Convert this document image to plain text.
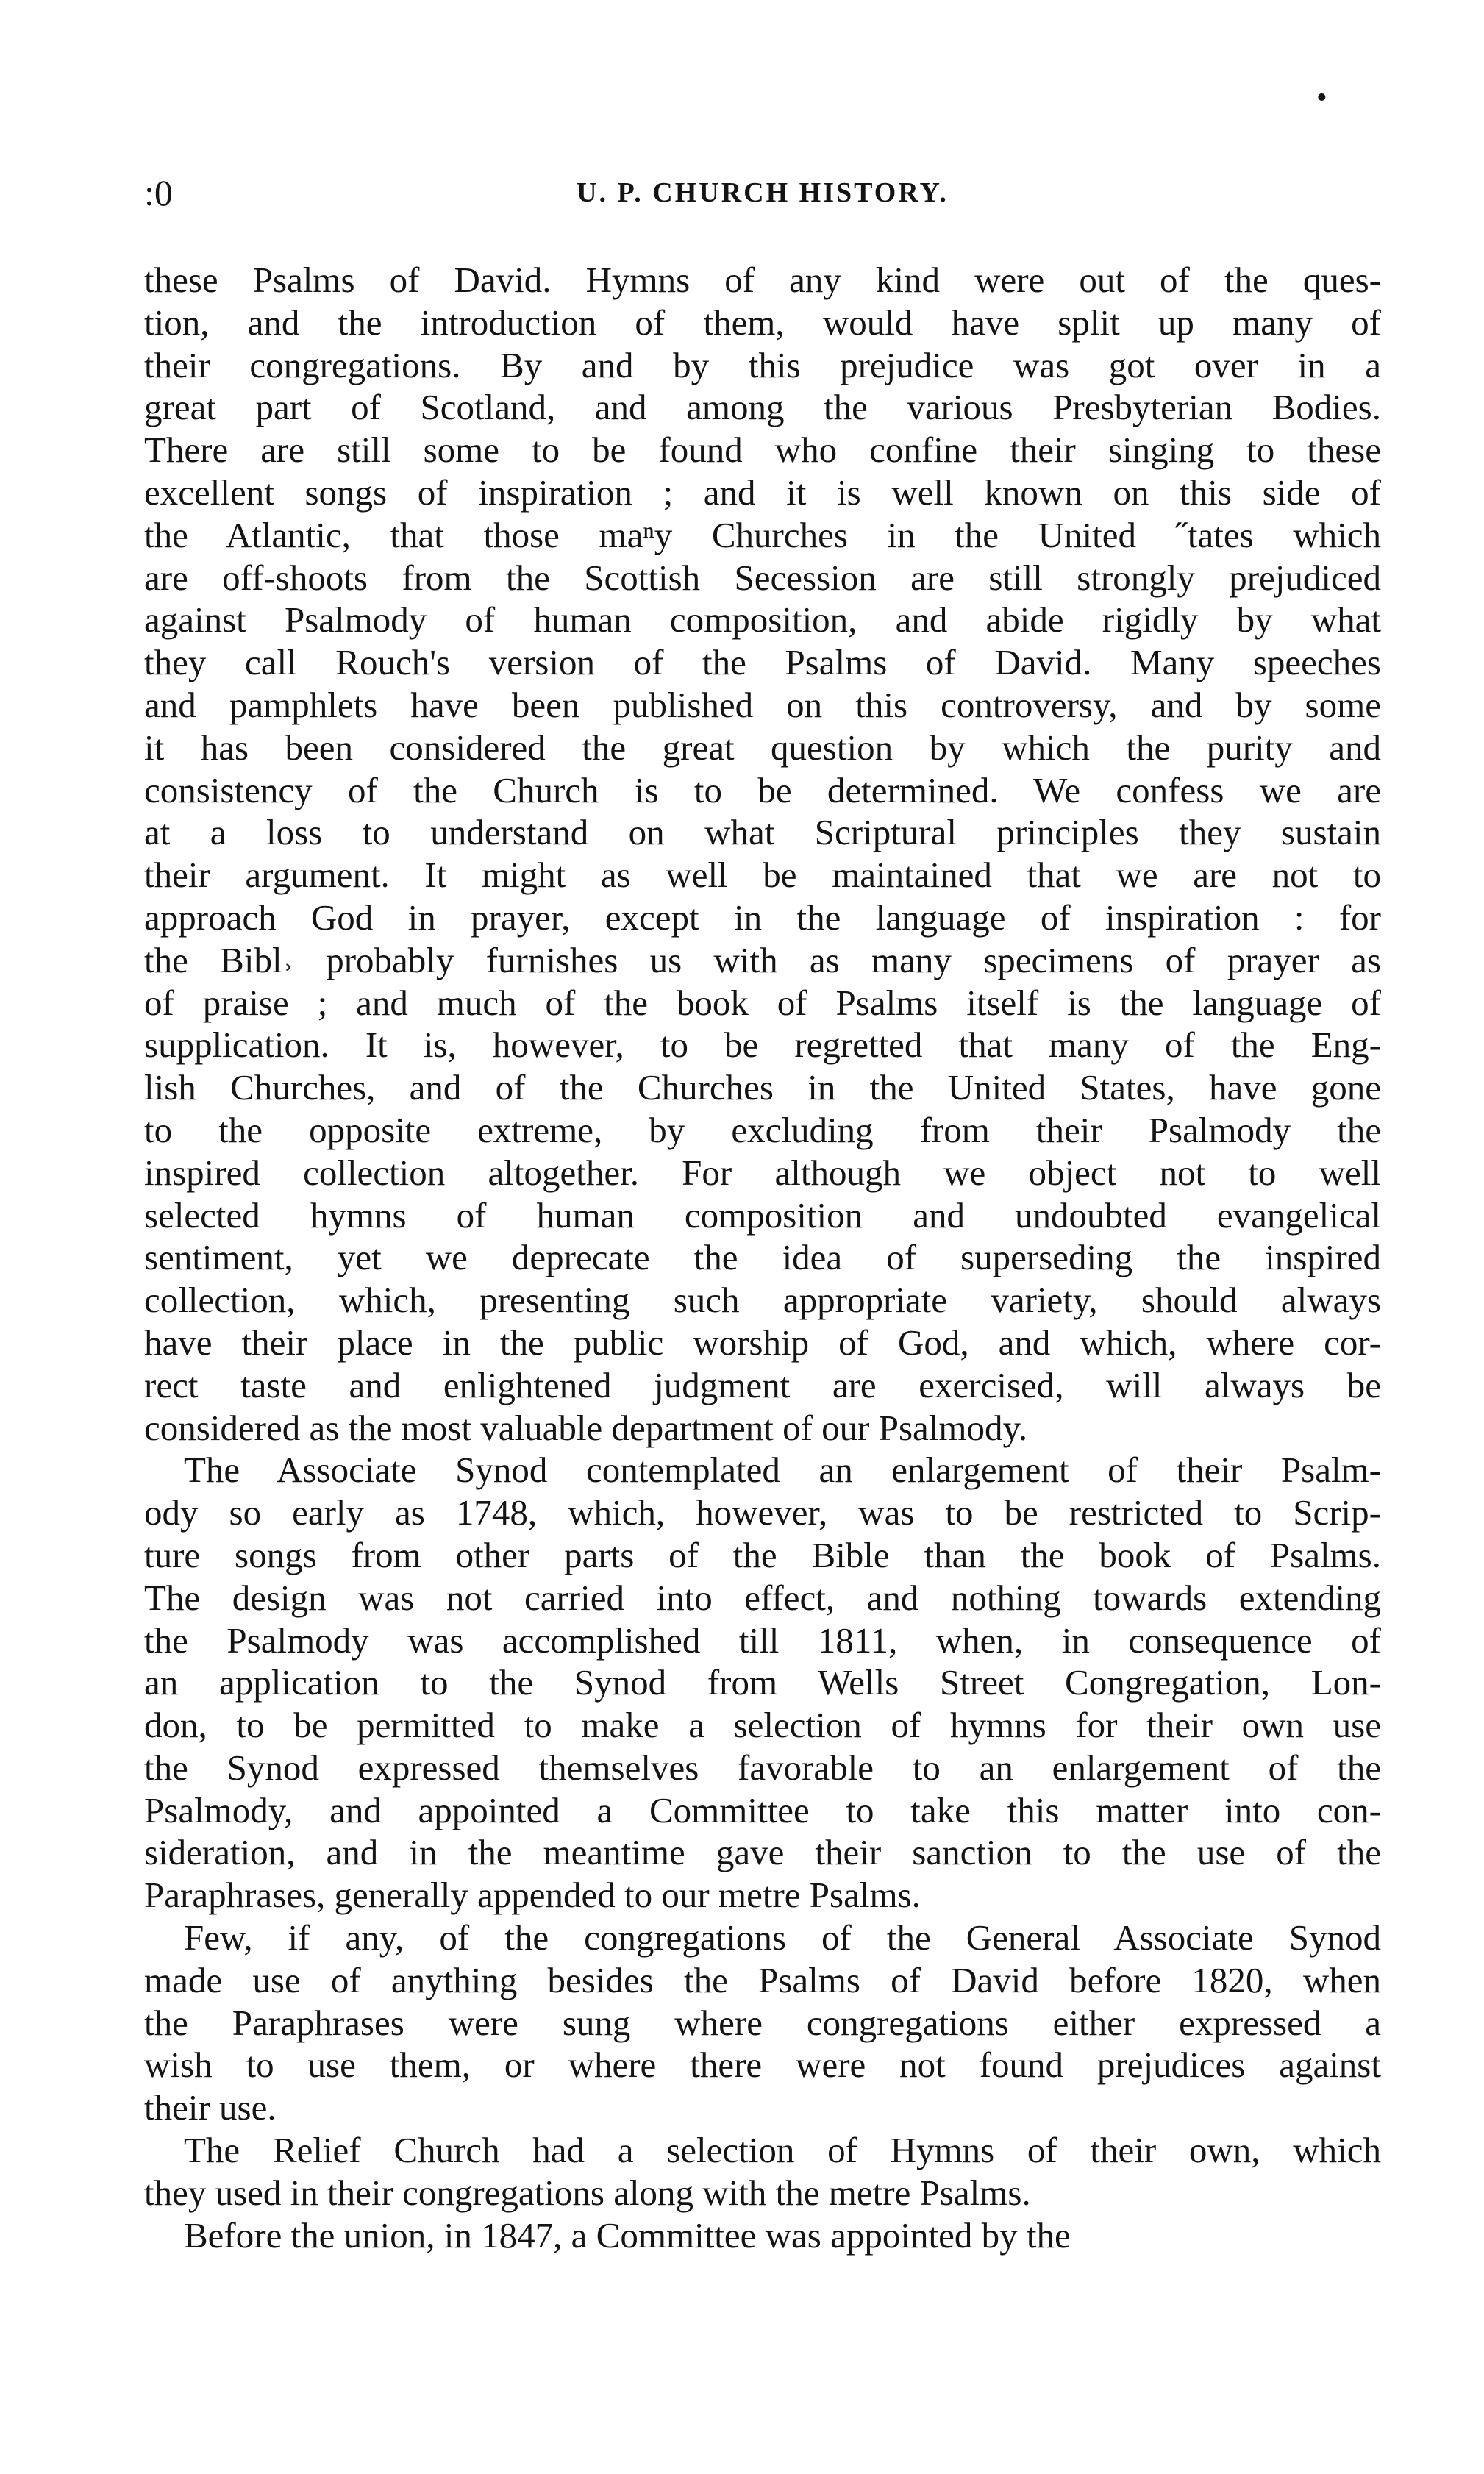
•
:0	U. P. CHURCH HISTORY.
these Psalms of David. Hymns of any kind were out of the ques-
tion, and the introduction of them, would have split up many of
their congregations. By and by this prejudice was got over in a
great part of Scotland, and among the various Presbyterian Bodies.
There are still some to be found who confine their singing to these
excellent songs of inspiration ; and it is well known on this side of
the Atlantic, that those maⁿy Churches in the United ˝tates which
are off-shoots from the Scottish Secession are still strongly prejudiced
against Psalmody of human composition, and abide rigidly by what
they call Rouch's version of the Psalms of David. Many speeches
and pamphlets have been published on this controversy, and by some
it has been considered the great question by which the purity and
consistency of the Church is to be determined. We confess we are
at a loss to understand on what Scriptural principles they sustain
their argument. It might as well be maintained that we are not to
approach God in prayer, except in the language of inspiration : for
the Bibl˒ probably furnishes us with as many specimens of prayer as
of praise ; and much of the book of Psalms itself is the language of
supplication. It is, however, to be regretted that many of the Eng-
lish Churches, and of the Churches in the United States, have gone
to the opposite extreme, by excluding from their Psalmody the
inspired collection altogether. For although we object not to well
selected hymns of human composition and undoubted evangelical
sentiment, yet we deprecate the idea of superseding the inspired
collection, which, presenting such appropriate variety, should always
have their place in the public worship of God, and which, where cor-
rect taste and enlightened judgment are exercised, will always be
considered as the most valuable department of our Psalmody.
The Associate Synod contemplated an enlargement of their Psalm-
ody so early as 1748, which, however, was to be restricted to Scrip-
ture songs from other parts of the Bible than the book of Psalms.
The design was not carried into effect, and nothing towards extending
the Psalmody was accomplished till 1811, when, in consequence of
an application to the Synod from Wells Street Congregation, Lon-
don, to be permitted to make a selection of hymns for their own use
the Synod expressed themselves favorable to an enlargement of the
Psalmody, and appointed a Committee to take this matter into con-
sideration, and in the meantime gave their sanction to the use of the
Paraphrases, generally appended to our metre Psalms.
Few, if any, of the congregations of the General Associate Synod
made use of anything besides the Psalms of David before 1820, when
the Paraphrases were sung where congregations either expressed a
wish to use them, or where there were not found prejudices against
their use.
The Relief Church had a selection of Hymns of their own, which
they used in their congregations along with the metre Psalms.
Before the union, in 1847, a Committee was appointed by the
